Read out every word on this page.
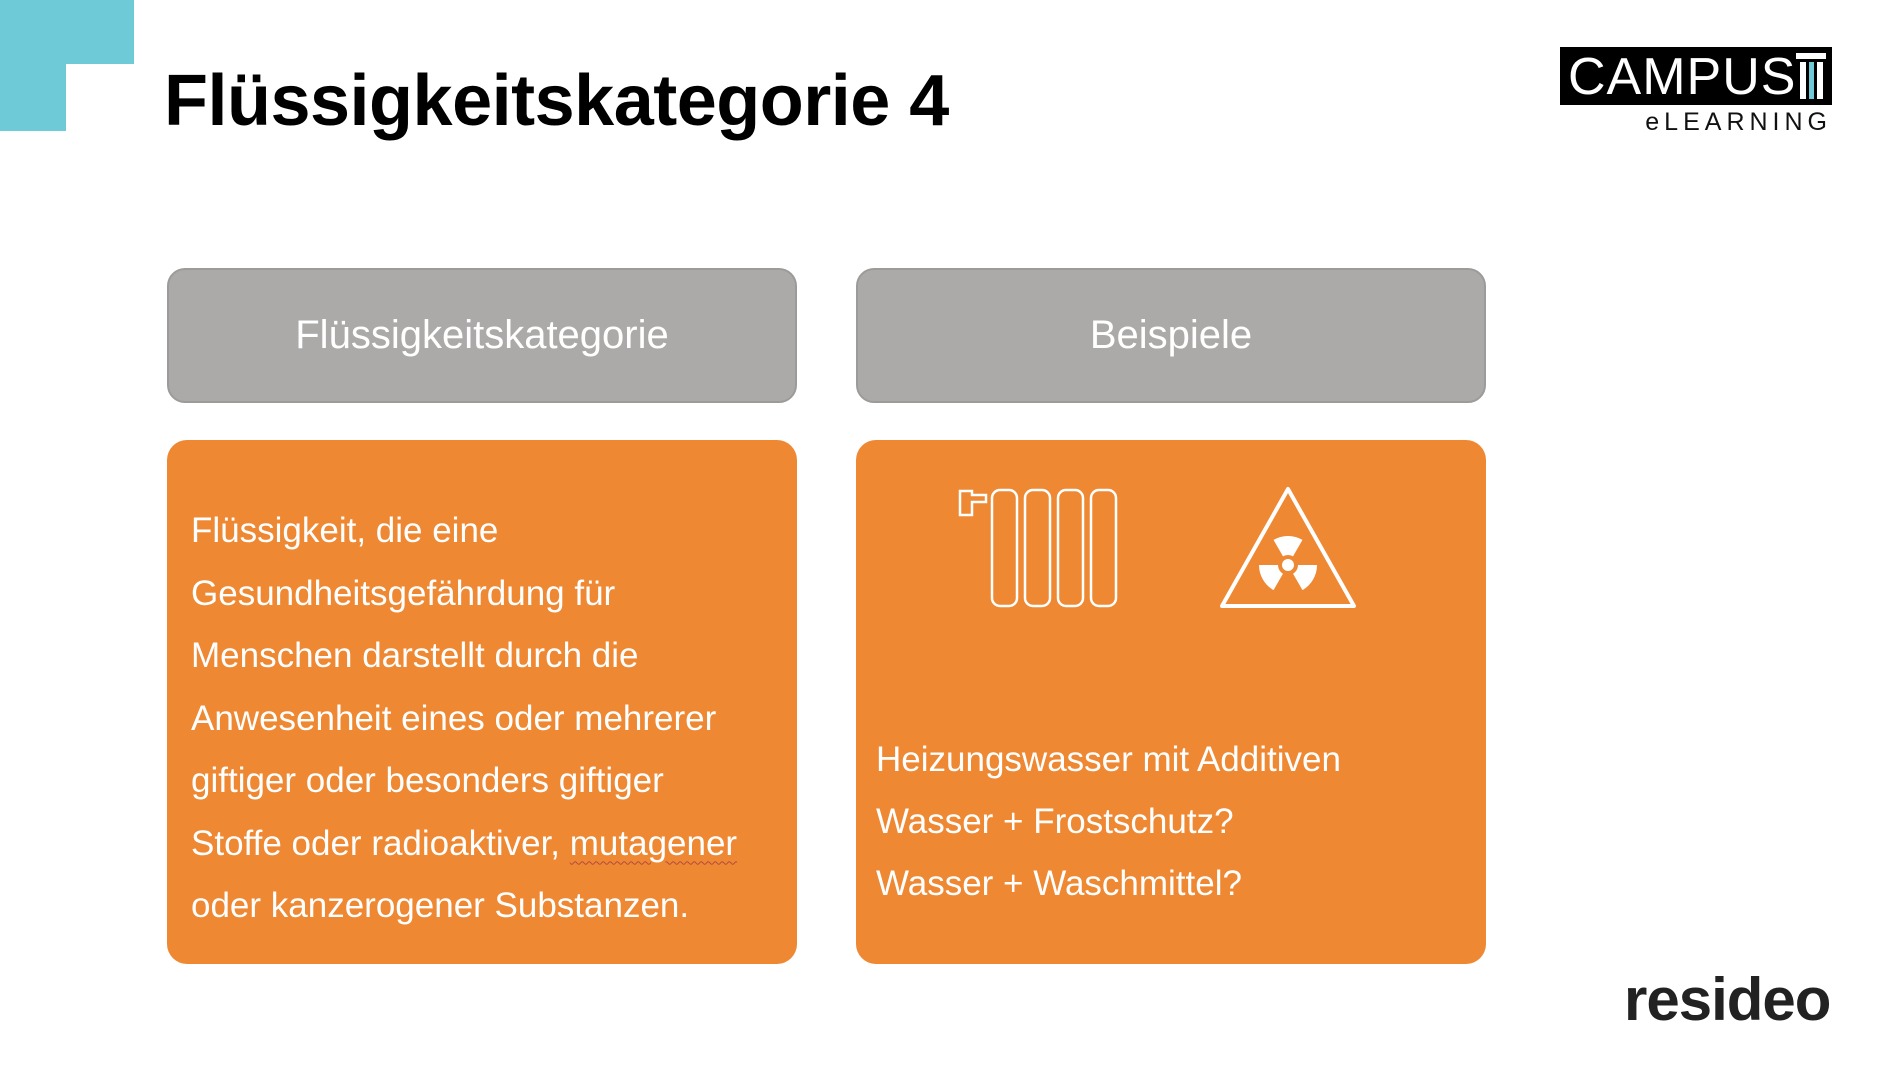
Flüssigkeitskategorie 4	CAMPUS
eLEARNING
Flüssigkeitskategorie
Flüssigkeit, die eine
Gesundheitsgefährdung für
Menschen darstellt durch die
Anwesenheit eines oder mehrerer
giftiger oder besonders giftiger
Stoffe oder radioaktiver, mutagener
oder kanzerogener Substanzen.
Beispiele
Heizungswasser mit Additiven
Wasser + Frostschutz?
Wasser + Waschmittel?
resideo
